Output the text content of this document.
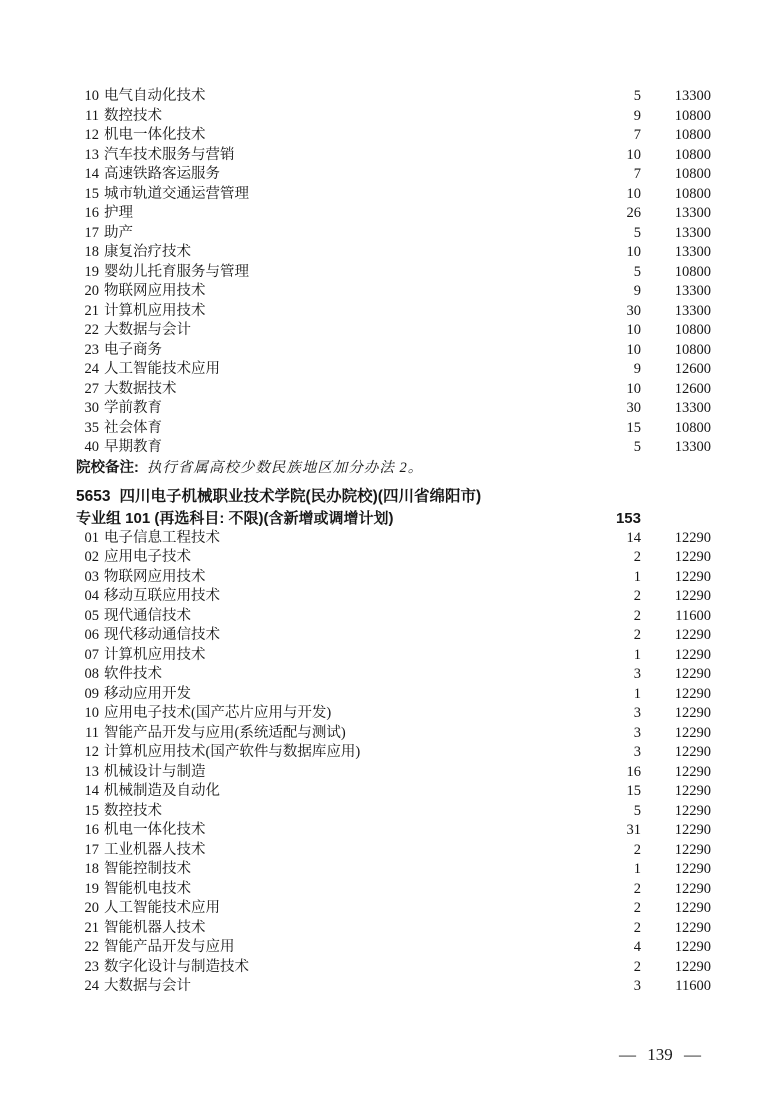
10 电气自动化技术	5	13300
11 数控技术	9	10800
12 机电一体化技术	7	10800
13 汽车技术服务与营销	10	10800
14 高速铁路客运服务	7	10800
15 城市轨道交通运营管理	10	10800
16 护理	26	13300
17 助产	5	13300
18 康复治疗技术	10	13300
19 婴幼儿托育服务与管理	5	10800
20 物联网应用技术	9	13300
21 计算机应用技术	30	13300
22 大数据与会计	10	10800
23 电子商务	10	10800
24 人工智能技术应用	9	12600
27 大数据技术	10	12600
30 学前教育	30	13300
35 社会体育	15	10800
40 早期教育	5	13300
院校备注: 执行省属高校少数民族地区加分办法 2。
5653 四川电子机械职业技术学院(民办院校)(四川省绵阳市)
专业组 101 (再选科目: 不限)(含新增或调增计划)	153
01 电子信息工程技术	14	12290
02 应用电子技术	2	12290
03 物联网应用技术	1	12290
04 移动互联应用技术	2	12290
05 现代通信技术	2	11600
06 现代移动通信技术	2	12290
07 计算机应用技术	1	12290
08 软件技术	3	12290
09 移动应用开发	1	12290
10 应用电子技术(国产芯片应用与开发)	3	12290
11 智能产品开发与应用(系统适配与测试)	3	12290
12 计算机应用技术(国产软件与数据库应用)	3	12290
13 机械设计与制造	16	12290
14 机械制造及自动化	15	12290
15 数控技术	5	12290
16 机电一体化技术	31	12290
17 工业机器人技术	2	12290
18 智能控制技术	1	12290
19 智能机电技术	2	12290
20 人工智能技术应用	2	12290
21 智能机器人技术	2	12290
22 智能产品开发与应用	4	12290
23 数字化设计与制造技术	2	12290
24 大数据与会计	3	11600
— 139 —
